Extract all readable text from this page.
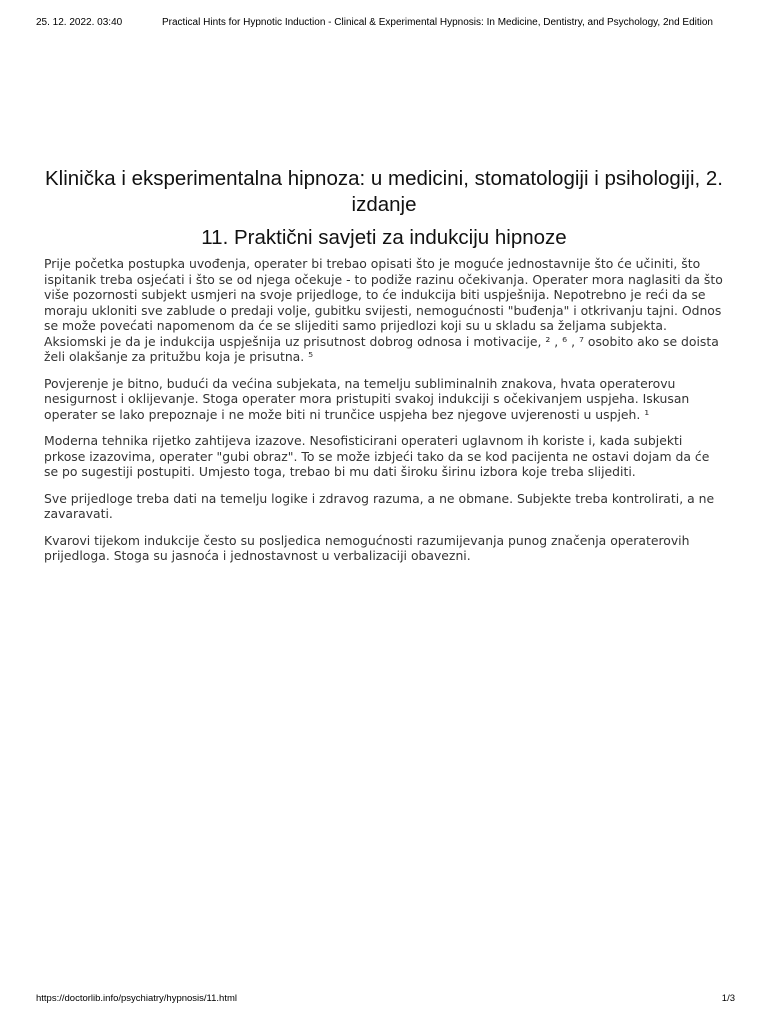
25. 12. 2022. 03:40	Practical Hints for Hypnotic Induction - Clinical & Experimental Hypnosis: In Medicine, Dentistry, and Psychology, 2nd Edition
Klinička i eksperimentalna hipnoza: u medicini, stomatologiji i psihologiji, 2. izdanje
11. Praktični savjeti za indukciju hipnoze

Prije početka postupka uvođenja, operater bi trebao opisati što je moguće jednostavnije što će učiniti, što ispitanik treba osjećati i što se od njega očekuje - to podiže razinu očekivanja. Operater mora naglasiti da što više pozornosti subjekt usmjeri na svoje prijedloge, to će indukcija biti uspješnija. Nepotrebno je reći da se moraju ukloniti sve zablude o predaji volje, gubitku svijesti, nemogućnosti "buđenja" i otkrivanju tajni. Odnos se može povećati napomenom da će se slijediti samo prijedlozi koji su u skladu sa željama subjekta. Aksiomski je da je indukcija uspješnija uz prisutnost dobrog odnosa i motivacije, ² , ⁶ , ⁷ osobito ako se doista želi olakšanje za pritužbu koja je prisutna. ⁵

Povjerenje je bitno, budući da većina subjekata, na temelju subliminalnih znakova, hvata operaterovu nesigurnost i oklijevanje. Stoga operater mora pristupiti svakoj indukciji s očekivanjem uspjeha. Iskusan operater se lako prepoznaje i ne može biti ni trunčice uspjeha bez njegove uvjerenosti u uspjeh. ¹

Moderna tehnika rijetko zahtijeva izazove. Nesofisticirani operateri uglavnom ih koriste i, kada subjekti prkose izazovima, operater "gubi obraz". To se može izbjeći tako da se kod pacijenta ne ostavi dojam da će se po sugestiji postupiti. Umjesto toga, trebao bi mu dati široku širinu izbora koje treba slijediti.

Sve prijedloge treba dati na temelju logike i zdravog razuma, a ne obmane. Subjekte treba kontrolirati, a ne zavaravati.

Kvarovi tijekom indukcije često su posljedica nemogućnosti razumijevanja punog značenja operaterovih prijedloga. Stoga su jasnoća i jednostavnost u verbalizaciji obavezni.

https://doctorlib.info/psychiatry/hypnosis/11.html	1/3
